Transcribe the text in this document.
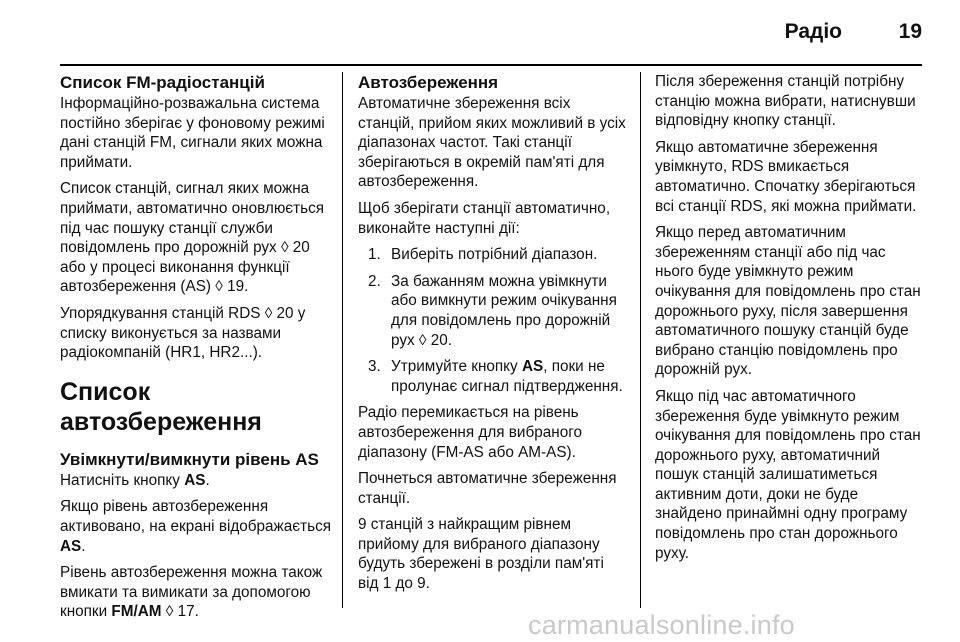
Радіо	19
Список FM-радіостанцій

Інформаційно-розважальна система постійно зберігає у фоновому режимі дані станцій FM, сигнали яких можна приймати.

Список станцій, сигнал яких можна приймати, автоматично оновлюється під час пошуку станції служби повідомлень про дорожній рух ◊ 20 або у процесі виконання функції автозбереження (AS) ◊ 19.

Упорядкування станцій RDS ◊ 20 у списку виконується за назвами радіокомпаній (HR1, HR2...).

Список автозбереження
Увімкнути/вимкнути рівень AS

Натисніть кнопку AS.

Якщо рівень автозбереження активовано, на екрані відображається AS.

Рівень автозбереження можна також вмикати та вимикати за допомогою кнопки FM/AM ◊ 17.

Автозбереження

Автоматичне збереження всіх станцій, прийом яких можливий в усіх діапазонах частот. Такі станції зберігаються в окремій пам'яті для автозбереження.

Щоб зберігати станції автоматично, виконайте наступні дії:

1. Виберіть потрібний діапазон.
2. За бажанням можна увімкнути або вимкнути режим очікування для повідомлень про дорожній рух ◊ 20.
3. Утримуйте кнопку AS, поки не пролунає сигнал підтвердження.

Радіо перемикається на рівень автозбереження для вибраного діапазону (FM-AS або AM-AS).

Почнеться автоматичне збереження станції.

9 станцій з найкращим рівнем прийому для вибраного діапазону будуть збережені в розділи пам'яті від 1 до 9.

Після збереження станцій потрібну станцію можна вибрати, натиснувши відповідну кнопку станції.

Якщо автоматичне збереження увімкнуто, RDS вмикається автоматично. Спочатку зберігаються всі станції RDS, які можна приймати.

Якщо перед автоматичним збереженням станції або під час нього буде увімкнуто режим очікування для повідомлень про стан дорожнього руху, після завершення автоматичного пошуку станцій буде вибрано станцію повідомлень про дорожній рух.

Якщо під час автоматичного збереження буде увімкнуто режим очікування для повідомлень про стан дорожнього руху, автоматичний пошук станцій залишатиметься активним доти, доки не буде знайдено принаймні одну програму повідомлень про стан дорожнього руху.

carmanualsonline.info
